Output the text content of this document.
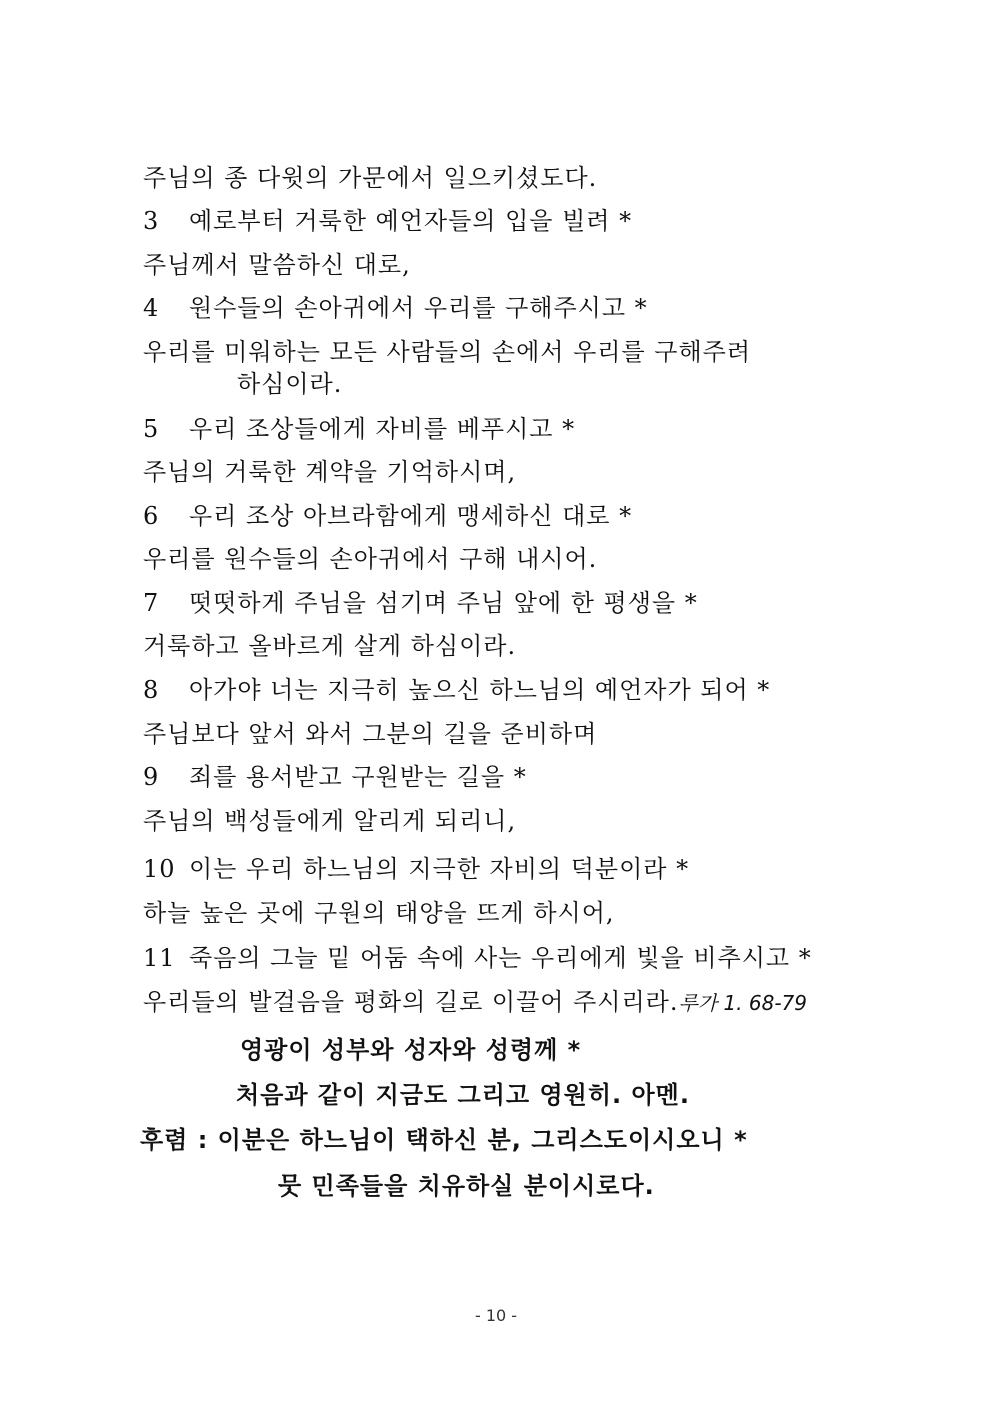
주님의 종 다윗의 가문에서 일으키셨도다.
3 예로부터 거룩한 예언자들의 입을 빌려 *
주님께서 말씀하신 대로,
4 원수들의 손아귀에서 우리를 구해주시고 *
우리를 미워하는 모든 사람들의 손에서 우리를 구해주려
하심이라.
5 우리 조상들에게 자비를 베푸시고 *
주님의 거룩한 계약을 기억하시며,
6 우리 조상 아브라함에게 맹세하신 대로 *
우리를 원수들의 손아귀에서 구해 내시어.
7 떳떳하게 주님을 섬기며 주님 앞에 한 평생을 *
거룩하고 올바르게 살게 하심이라.
8 아가야 너는 지극히 높으신 하느님의 예언자가 되어 *
주님보다 앞서 와서 그분의 길을 준비하며
9 죄를 용서받고 구원받는 길을 *
주님의 백성들에게 알리게 되리니,
10 이는 우리 하느님의 지극한 자비의 덕분이라 *
하늘 높은 곳에 구원의 태양을 뜨게 하시어,
11 죽음의 그늘 밑 어둠 속에 사는 우리에게 빛을 비추시고 *
우리들의 발걸음을 평화의 길로 이끌어 주시리라.루가 1. 68-79
영광이 성부와 성자와 성령께 *
처음과 같이 지금도 그리고 영원히. 아멘.
후렴 : 이분은 하느님이 택하신 분, 그리스도이시오니 *
뭇 민족들을 치유하실 분이시로다.
- 10 -
